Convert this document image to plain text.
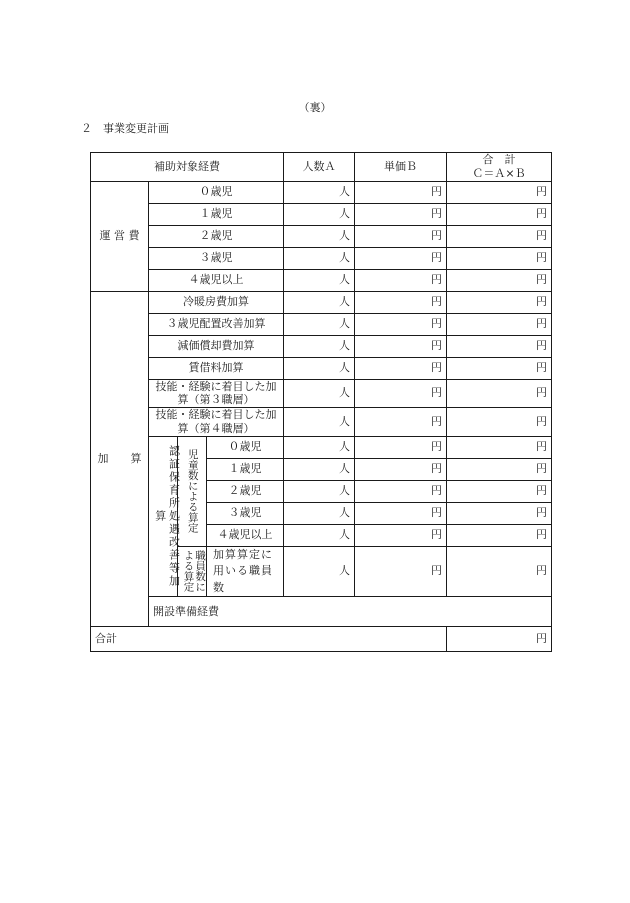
（裏）
２ 事業変更計画
補助対象経費				人数Ａ	単価Ｂ	合　計
Ｃ＝Ａ×Ｂ	

運 営 費	０歳児			人	円	円	
	１歳児			人	円	円	
	２歳児			人	円	円	
	３歳児			人	円	円	
	４歳児以上			人	円	円	
加　　算	冷暖房費加算			人	円	円	
	３歳児配置改善加算			人	円	円	
	減価償却費加算			人	円	円	
	賃借料加算			人	円	円	
	技能・経験に着目した加算（第３職層）			人	円	円	
	技能・経験に着目した加算（第４職層）			人	円	円	

	認証保育所処遇改善等加算	児童数による算定	０歳児	人	円	円	
			１歳児	人	円	円	
			２歳児	人	円	円	
			３歳児	人	円	円	
			４歳児以上	人	円	円	

		職員数による算定	加算算定に用いる職員数	人	円	円	
	開設準備経費	
合計						円	
